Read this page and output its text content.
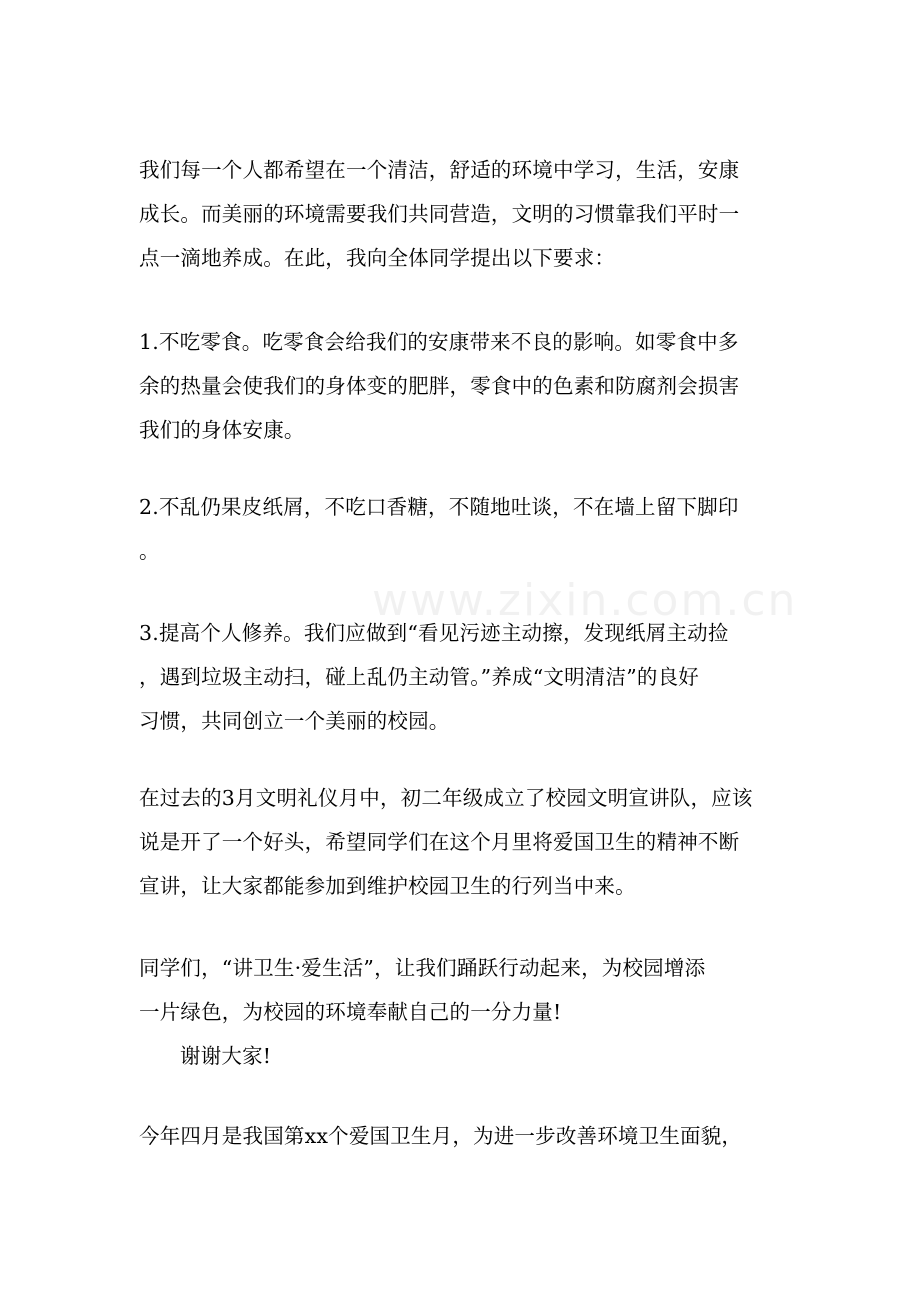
www.zixin.com.cn
我们每一个人都希望在一个清洁，舒适的环境中学习，生活，安康
成长。而美丽的环境需要我们共同营造，文明的习惯靠我们平时一
点一滴地养成。在此，我向全体同学提出以下要求：
1.不吃零食。吃零食会给我们的安康带来不良的影响。如零食中多
余的热量会使我们的身体变的肥胖，零食中的色素和防腐剂会损害
我们的身体安康。
2.不乱仍果皮纸屑，不吃口香糖，不随地吐谈，不在墙上留下脚印
。
3.提高个人修养。我们应做到“看见污迹主动擦，发现纸屑主动捡
，遇到垃圾主动扫，碰上乱仍主动管。”养成“文明清洁”的良好
习惯，共同创立一个美丽的校园。
在过去的3月文明礼仪月中，初二年级成立了校园文明宣讲队，应该
说是开了一个好头，希望同学们在这个月里将爱国卫生的精神不断
宣讲，让大家都能参加到维护校园卫生的行列当中来。
同学们，“讲卫生·爱生活”，让我们踊跃行动起来，为校园增添
一片绿色，为校园的环境奉献自己的一分力量!
谢谢大家!
今年四月是我国第xx个爱国卫生月，为进一步改善环境卫生面貌，
